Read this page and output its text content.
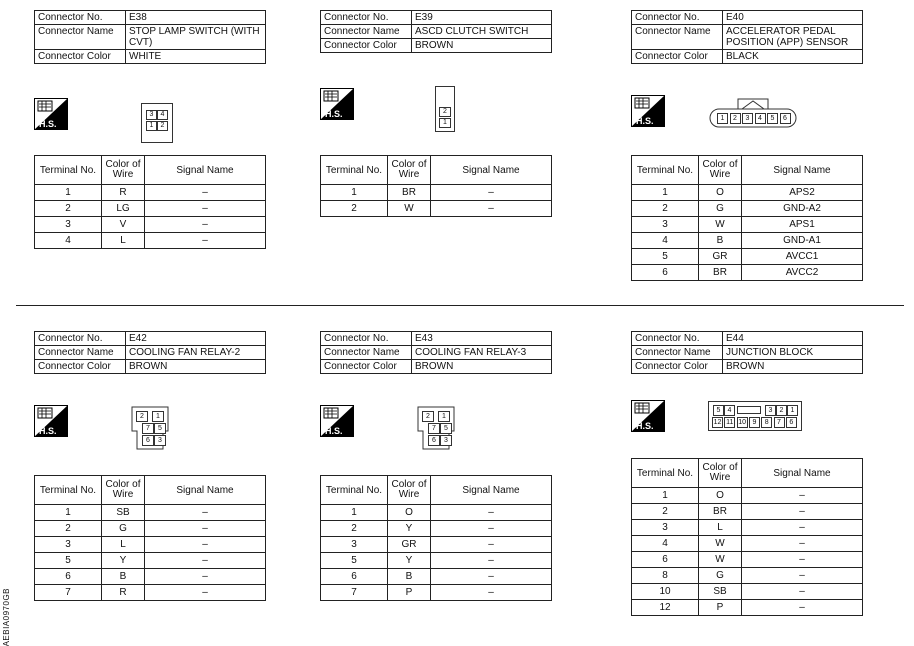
Connector No.	E38
Connector Name	STOP LAMP SWITCH (WITH CVT)
Connector Color	WHITE
H.S.
3	4
1	2
Terminal No.	Color of Wire	Signal Name
1	R	–
2	LG	–
3	V	–
4	L	–
Connector No.	E39
Connector Name	ASCD CLUTCH SWITCH
Connector Color	BROWN
H.S.	2
1
Terminal No.	Color of Wire	Signal Name
1	BR	–
2	W	–
Connector No.	E40
Connector Name	ACCELERATOR PEDAL POSITION (APP) SENSOR
Connector Color	BLACK
H.S.	1	2	3	4	5	6
Terminal No.	Color of Wire	Signal Name
1	O	APS2
2	G	GND-A2
3	W	APS1
4	B	GND-A1
5	GR	AVCC1
6	BR	AVCC2
Connector No.	E42
Connector Name	COOLING FAN RELAY-2
Connector Color	BROWN
H.S.
2	1
7	5
6	3
Terminal No.	Color of Wire	Signal Name
1	SB	–
2	G	–
3	L	–
5	Y	–
6	B	–
7	R	–
Connector No.	E43
Connector Name	COOLING FAN RELAY-3
Connector Color	BROWN
H.S.
2	1
7	5
6	3
Terminal No.	Color of Wire	Signal Name
1	O	–
2	Y	–
3	GR	–
5	Y	–
6	B	–
7	P	–
Connector No.	E44
Connector Name	JUNCTION BLOCK
Connector Color	BROWN
H.S.
5	4	3	2	1
12 11 10 9	8	7	6
Terminal No.	Color of Wire	Signal Name
1	O	–
2	BR	–
3	L	–
4	W	–
6	W	–
8	G	–
10	SB	–
12	P	–
AEBIA0970GB
